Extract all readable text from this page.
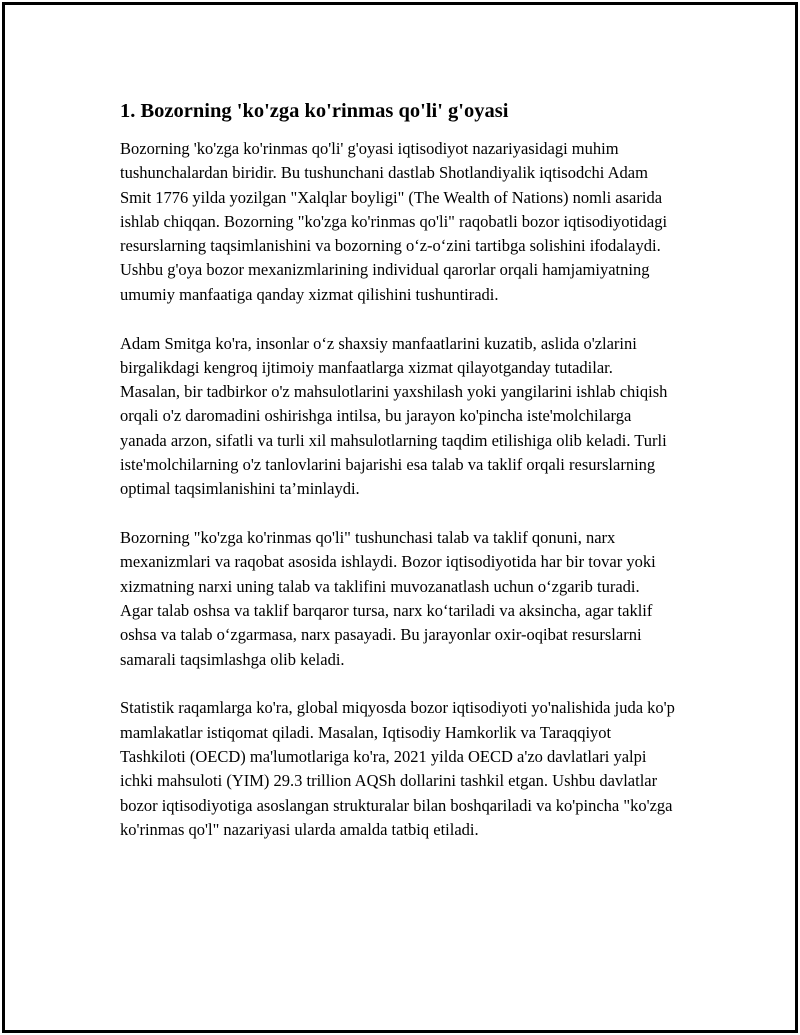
1. Bozorning 'ko'zga ko'rinmas qo'li' g'oyasi

Bozorning 'ko'zga ko'rinmas qo'li' g'oyasi iqtisodiyot nazariyasidagi muhim tushunchalardan biridir. Bu tushunchani dastlab Shotlandiyalik iqtisodchi Adam Smit 1776 yilda yozilgan "Xalqlar boyligi" (The Wealth of Nations) nomli asarida ishlab chiqqan. Bozorning "ko'zga ko'rinmas qo'li" raqobatli bozor iqtisodiyotidagi resurslarning taqsimlanishini va bozorning o‘z-o‘zini tartibga solishini ifodalaydi. Ushbu g'oya bozor mexanizmlarining individual qarorlar orqali hamjamiyatning umumiy manfaatiga qanday xizmat qilishini tushuntiradi.

Adam Smitga ko'ra, insonlar o‘z shaxsiy manfaatlarini kuzatib, aslida o'zlarini birgalikdagi kengroq ijtimoiy manfaatlarga xizmat qilayotganday tutadilar. Masalan, bir tadbirkor o'z mahsulotlarini yaxshilash yoki yangilarini ishlab chiqish orqali o'z daromadini oshirishga intilsa, bu jarayon ko'pincha iste'molchilarga yanada arzon, sifatli va turli xil mahsulotlarning taqdim etilishiga olib keladi. Turli iste'molchilarning o'z tanlovlarini bajarishi esa talab va taklif orqali resurslarning optimal taqsimlanishini ta’minlaydi.

Bozorning "ko'zga ko'rinmas qo'li" tushunchasi talab va taklif qonuni, narx mexanizmlari va raqobat asosida ishlaydi. Bozor iqtisodiyotida har bir tovar yoki xizmatning narxi uning talab va taklifini muvozanatlash uchun o‘zgarib turadi. Agar talab oshsa va taklif barqaror tursa, narx ko‘tariladi va aksincha, agar taklif oshsa va talab o‘zgarmasa, narx pasayadi. Bu jarayonlar oxir-oqibat resurslarni samarali taqsimlashga olib keladi.

Statistik raqamlarga ko'ra, global miqyosda bozor iqtisodiyoti yo'nalishida juda ko'p mamlakatlar istiqomat qiladi. Masalan, Iqtisodiy Hamkorlik va Taraqqiyot Tashkiloti (OECD) ma'lumotlariga ko'ra, 2021 yilda OECD a'zo davlatlari yalpi ichki mahsuloti (YIM) 29.3 trillion AQSh dollarini tashkil etgan. Ushbu davlatlar bozor iqtisodiyotiga asoslangan strukturalar bilan boshqariladi va ko'pincha "ko'zga ko'rinmas qo'l" nazariyasi ularda amalda tatbiq etiladi.
